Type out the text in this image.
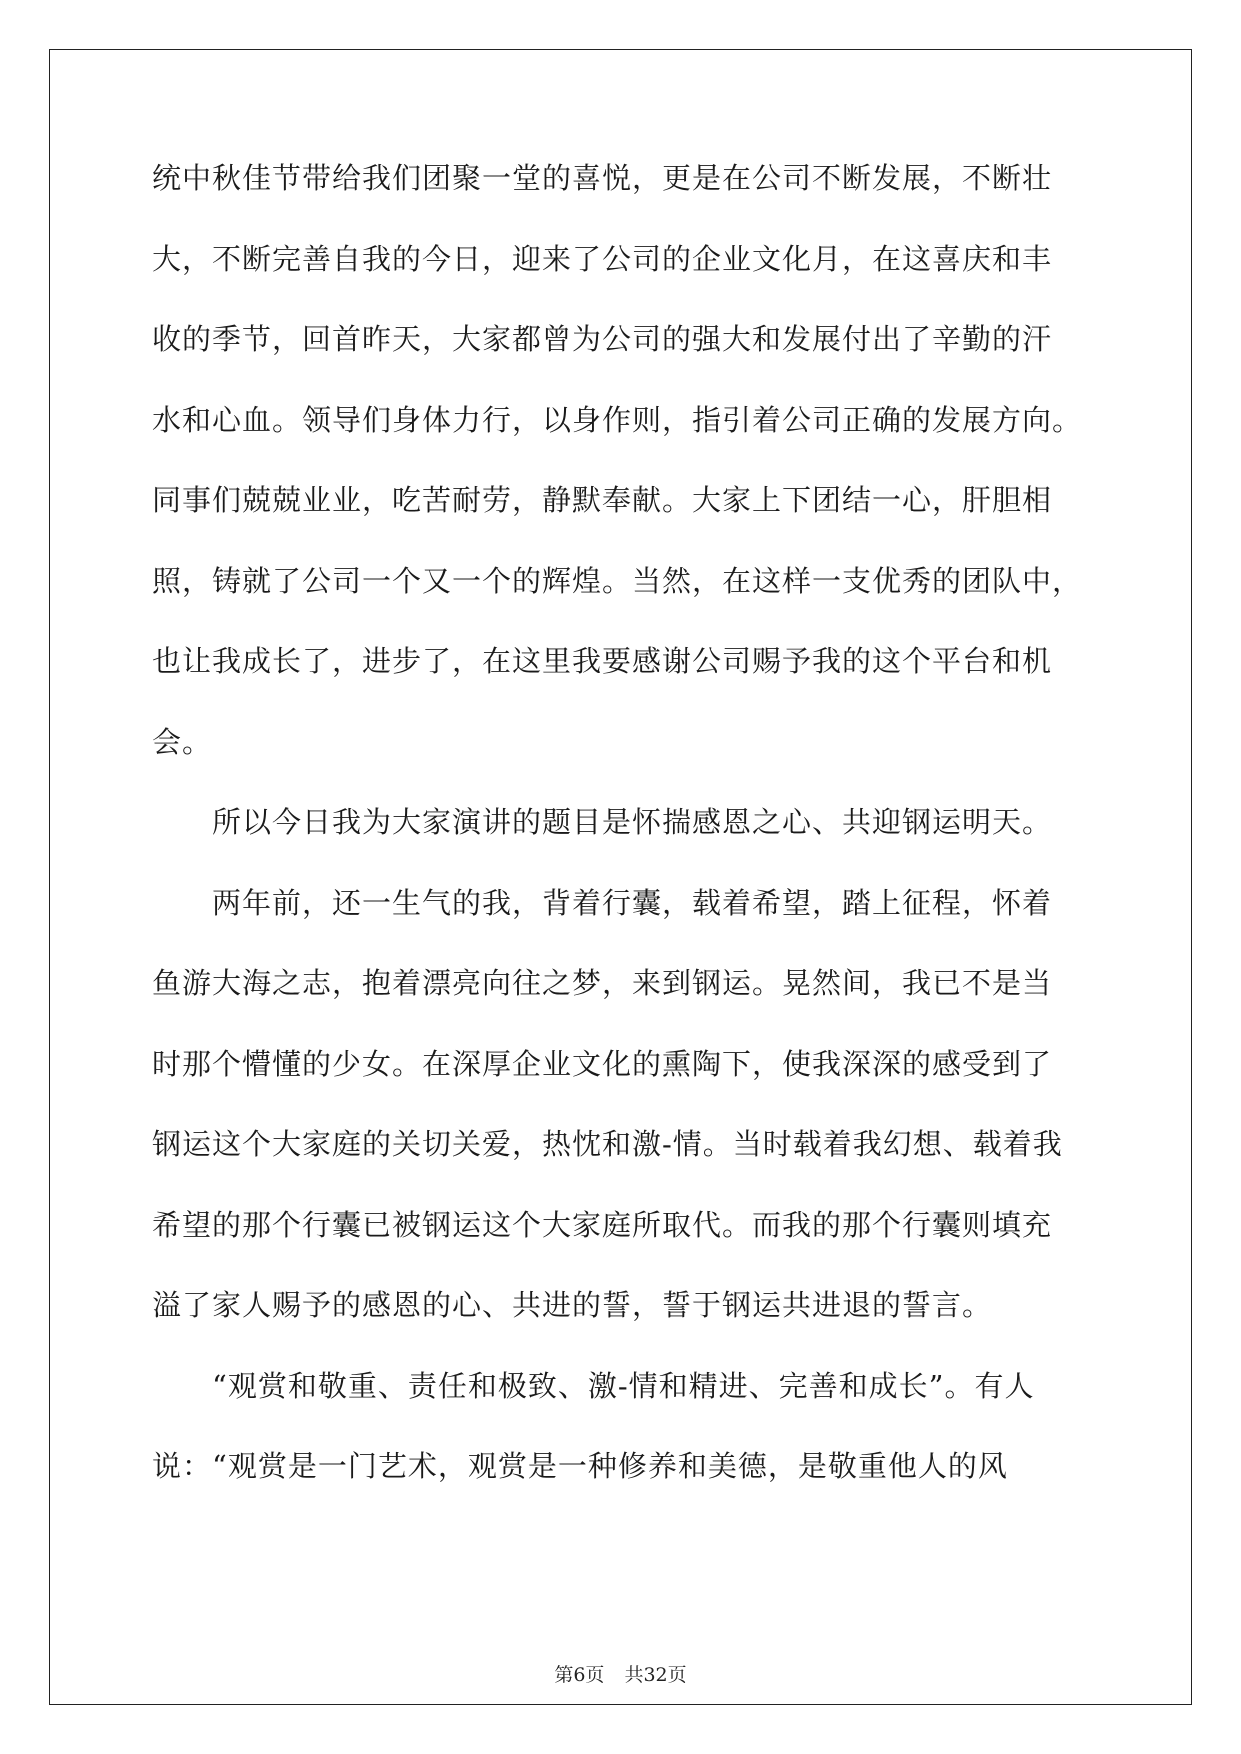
统中秋佳节带给我们团聚一堂的喜悦，更是在公司不断发展，不断壮
大，不断完善自我的今日，迎来了公司的企业文化月，在这喜庆和丰
收的季节，回首昨天，大家都曾为公司的强大和发展付出了辛勤的汗
水和心血。领导们身体力行，以身作则，指引着公司正确的发展方向。
同事们兢兢业业，吃苦耐劳，静默奉献。大家上下团结一心，肝胆相
照，铸就了公司一个又一个的辉煌。当然，在这样一支优秀的团队中，
也让我成长了，进步了，在这里我要感谢公司赐予我的这个平台和机
会。
　　所以今日我为大家演讲的题目是怀揣感恩之心、共迎钢运明天。
　　两年前，还一生气的我，背着行囊，载着希望，踏上征程，怀着
鱼游大海之志，抱着漂亮向往之梦，来到钢运。晃然间，我已不是当
时那个懵懂的少女。在深厚企业文化的熏陶下，使我深深的感受到了
钢运这个大家庭的关切关爱，热忱和激-情。当时载着我幻想、载着我
希望的那个行囊已被钢运这个大家庭所取代。而我的那个行囊则填充
溢了家人赐予的感恩的心、共进的誓，誓于钢运共进退的誓言。
　　“观赏和敬重、责任和极致、激-情和精进、完善和成长”。有人
说：“观赏是一门艺术，观赏是一种修养和美德，是敬重他人的风
第6页 共32页
